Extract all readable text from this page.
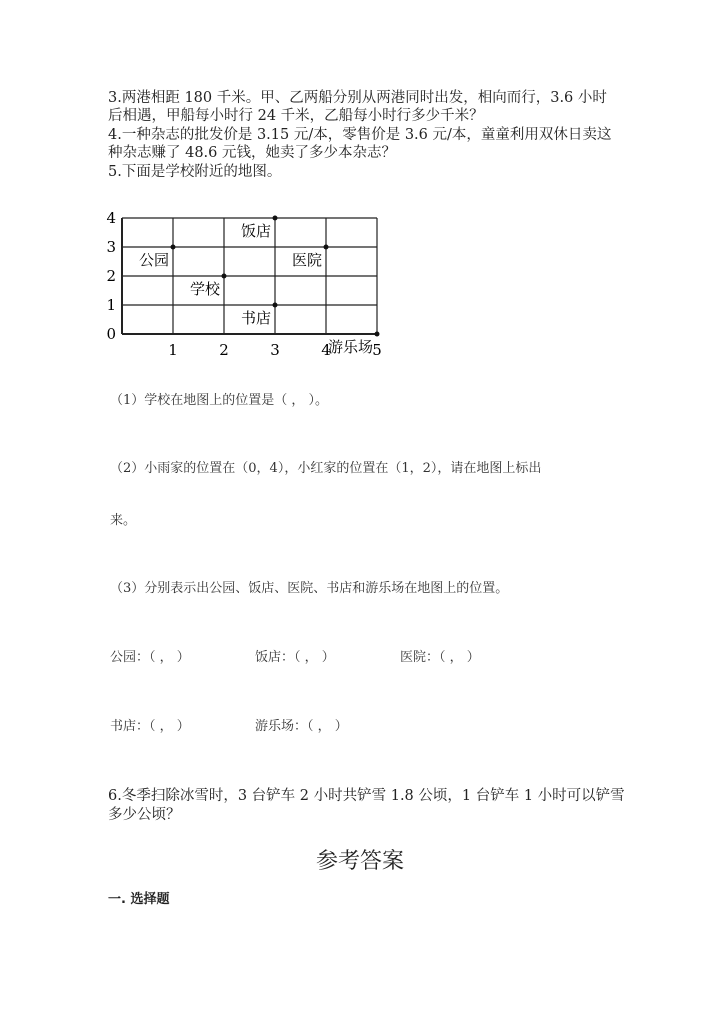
3.两港相距 180 千米。甲、乙两船分别从两港同时出发，相向而行，3.6 小时
后相遇，甲船每小时行 24 千米，乙船每小时行多少千米？
4.一种杂志的批发价是 3.15 元/本，零售价是 3.6 元/本，童童利用双休日卖这
种杂志赚了 48.6 元钱，她卖了多少本杂志？
5.下面是学校附近的地图。
1	2	3	4	5
0
1
2
3
4
饭店
公园	医院
学校
书店
游乐场
（1）学校在地图上的位置是（ ， ）。
（2）小雨家的位置在（0，4），小红家的位置在（1，2），请在地图上标出
来。
（3）分别表示出公园、饭店、医院、书店和游乐场在地图上的位置。
公园：（ ， ）	饭店：（ ， ）	医院：（ ， ）
书店：（ ， ）	游乐场：（ ， ）
6.冬季扫除冰雪时，3 台铲车 2 小时共铲雪 1.8 公顷，1 台铲车 1 小时可以铲雪
多少公顷？
参考答案
一. 选择题
